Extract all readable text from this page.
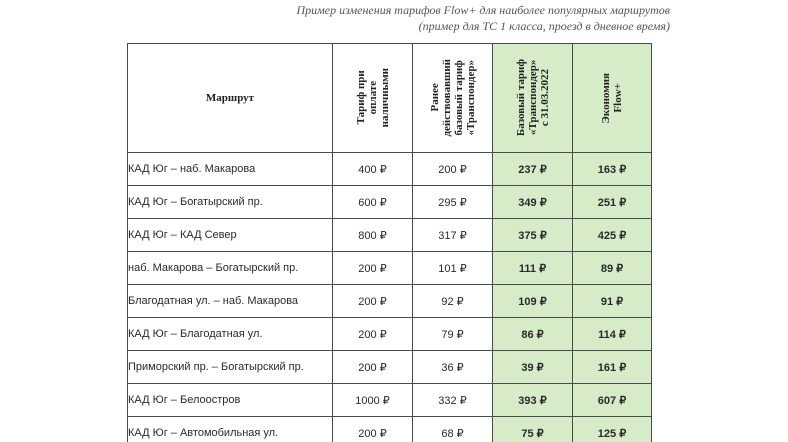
Пример изменения тарифов Flow+ для наиболее популярных маршрутов
(пример для ТС 1 класса, проезд в дневное время)
Маршрут	Тариф при оплате наличными	Ранее действовавший базовый тариф «Транспондер»	Базовый тариф «Транспондер» с 31.03.2022	Экономия Flow+

КАД Юг – наб. Макарова	400 ₽	200 ₽	237 ₽	163 ₽
КАД Юг – Богатырский пр.	600 ₽	295 ₽	349 ₽	251 ₽
КАД Юг – КАД Север	800 ₽	317 ₽	375 ₽	425 ₽
наб. Макарова – Богатырский пр.	200 ₽	101 ₽	111 ₽	89 ₽
Благодатная ул. – наб. Макарова	200 ₽	92 ₽	109 ₽	91 ₽
КАД Юг – Благодатная ул.	200 ₽	79 ₽	86 ₽	114 ₽
Приморский пр. – Богатырский пр.	200 ₽	36 ₽	39 ₽	161 ₽
КАД Юг – Белоостров	1000 ₽	332 ₽	393 ₽	607 ₽
КАД Юг – Автомобильная ул.	200 ₽	68 ₽	75 ₽	125 ₽
